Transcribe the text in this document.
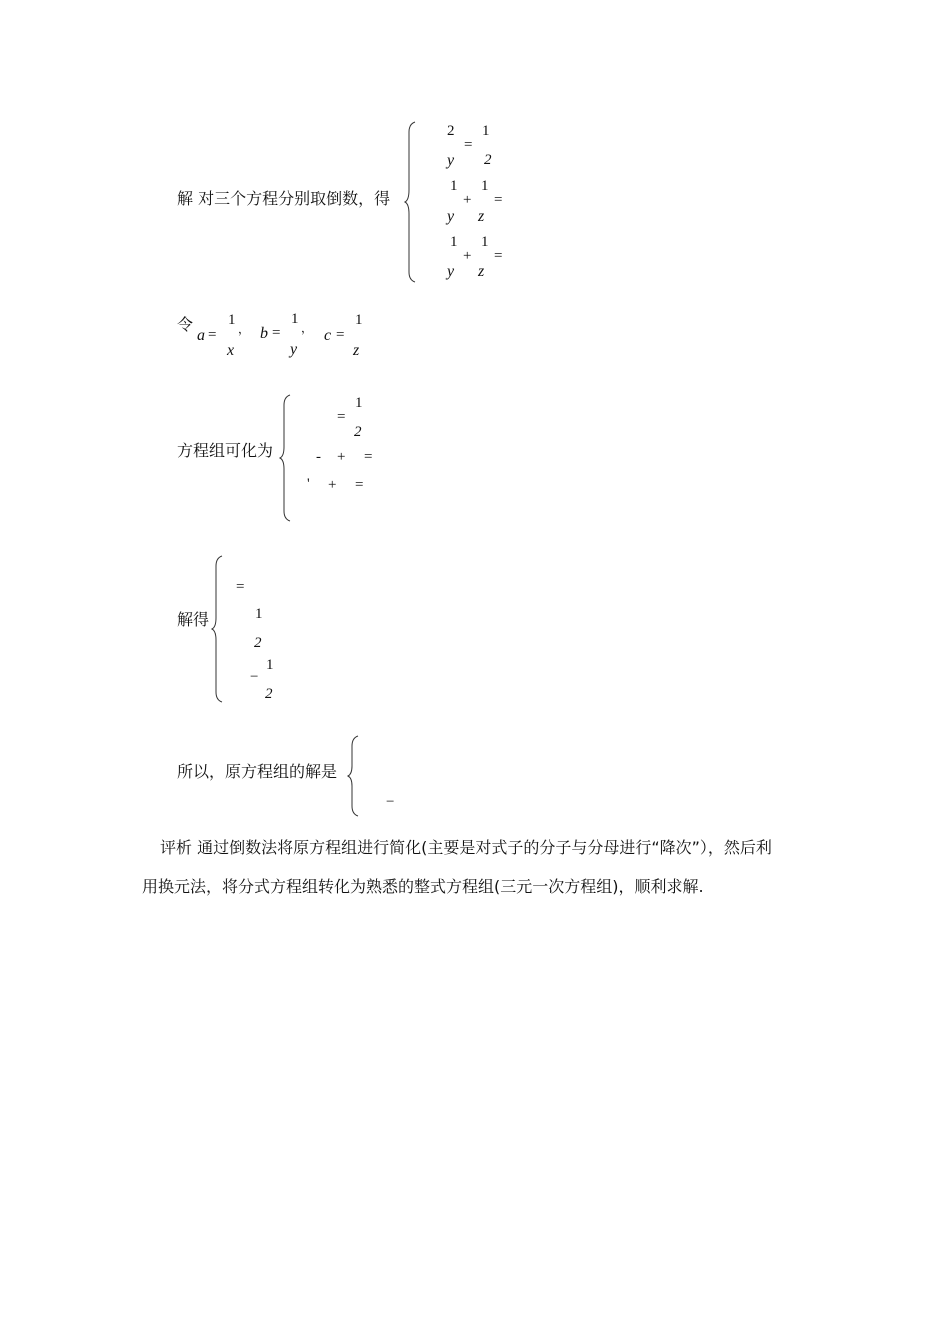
解 对三个方程分别取倒数，得
2
=
1
y 2
1
+
1
=
y z
1
+
1
=
y z
令
a =
1
x
， b =
1
y
， c =
1
z
方程组可化为
=
1
2
- + =
' + =
解得
=
1
2
−
1
2
所以，原方程组的解是
−
评析 通过倒数法将原方程组进行简化(主要是对式子的分子与分母进行“降次”），然后利
用换元法，将分式方程组转化为熟悉的整式方程组(三元一次方程组)，顺利求解.
